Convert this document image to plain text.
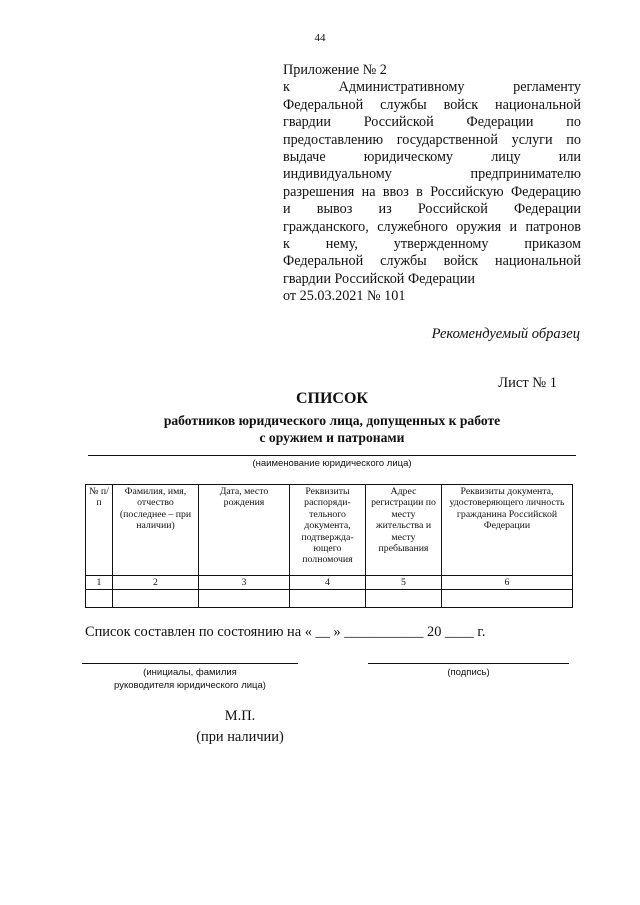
44
Приложение № 2
к Административному регламенту
Федеральной службы войск национальной
гвардии Российской Федерации по
предоставлению государственной услуги по
выдаче юридическому лицу или
индивидуальному предпринимателю
разрешения на ввоз в Российскую Федерацию
и вывоз из Российской Федерации
гражданского, служебного оружия и патронов
к нему, утвержденному приказом
Федеральной службы войск национальной
гвардии Российской Федерации
от 25.03.2021 № 101
Рекомендуемый образец
Лист № 1
СПИСОК
работников юридического лица, допущенных к работе
с оружием и патронами
(наименование юридического лица)
№ п/п	Фамилия, имя, отчество (последнее – при наличии)	Дата, место рождения	Реквизиты распоряди-тельного документа, подтвержда-ющего полномочия	Адрес регистрации по месту жительства и месту пребывания	Реквизиты документа, удостоверяющего личность гражданина Российской Федерации
1	2	3	4	5	6

Список составлен по состоянию на « __ » ___________ 20 ____ г.
(инициалы, фамилия
руководителя юридического лица)
(подпись)
М.П.
(при наличии)
